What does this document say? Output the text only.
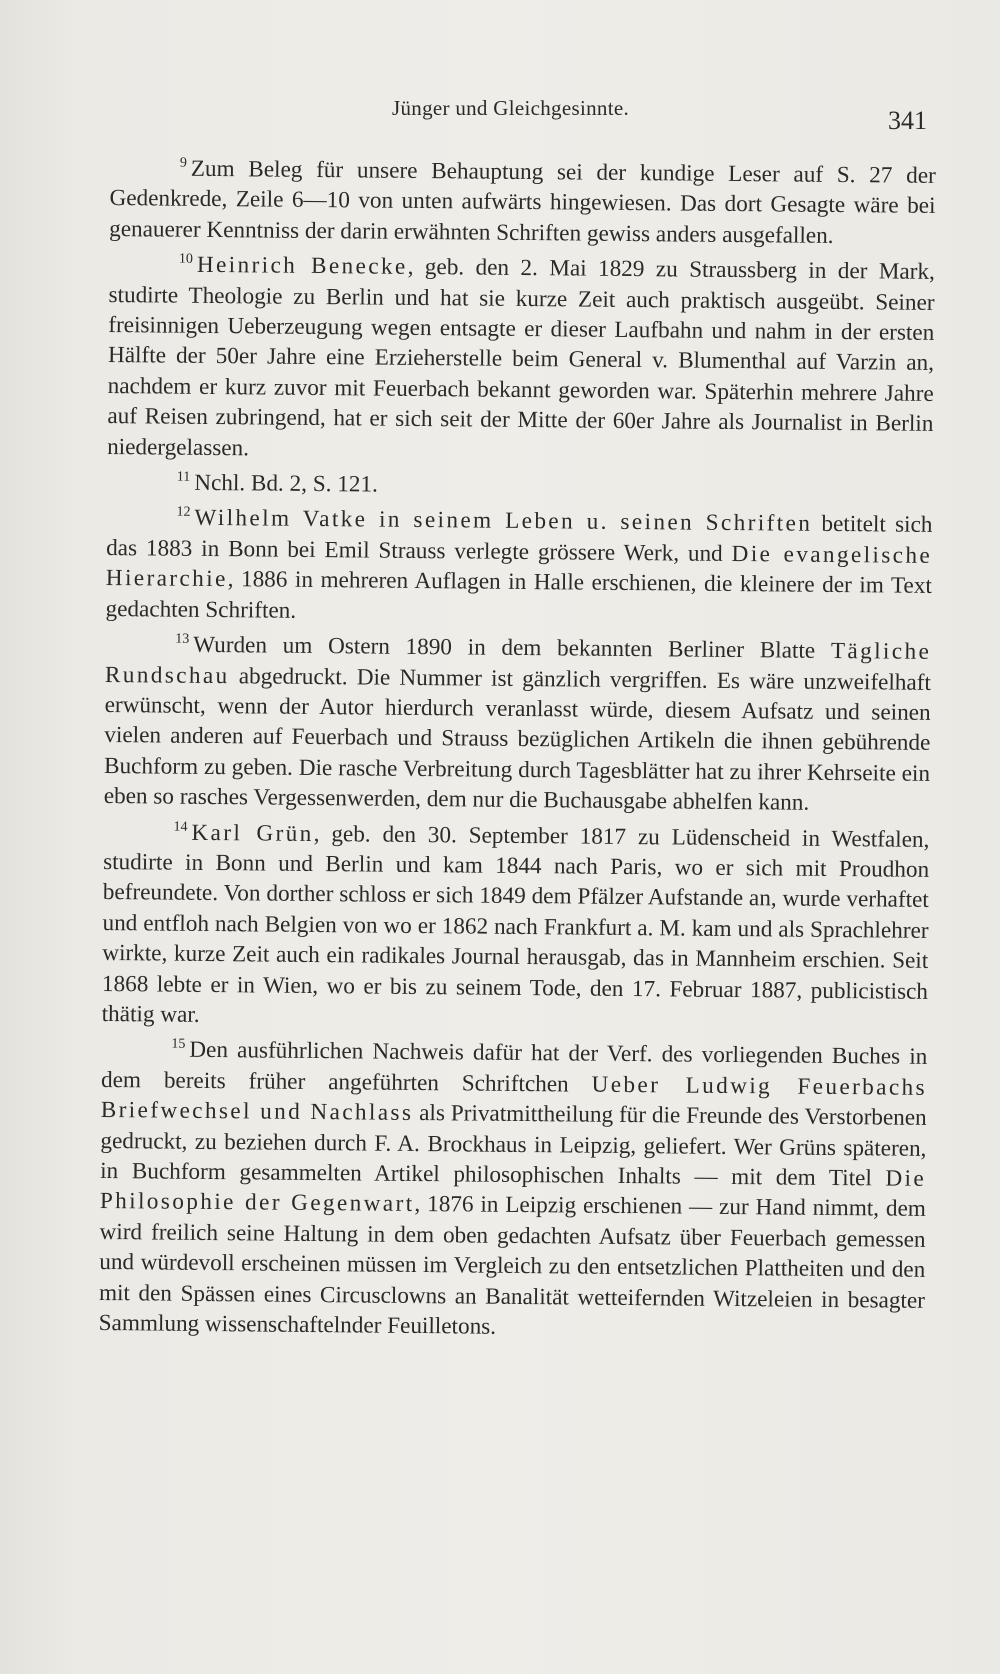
Jünger und Gleichgesinnte.	341

$^9$ Zum Beleg für unsere Behauptung sei der kundige Leser auf S. 27 der Gedenkrede, Zeile 6—10 von unten aufwärts hingewiesen. Das dort Gesagte wäre bei genauerer Kenntniss der darin erwähnten Schriften gewiss anders ausgefallen.

$^{10}$ Heinrich Benecke, geb. den 2. Mai 1829 zu Straussberg in der Mark, studirte Theologie zu Berlin und hat sie kurze Zeit auch praktisch ausgeübt. Seiner freisinnigen Ueberzeugung wegen entsagte er dieser Laufbahn und nahm in der ersten Hälfte der 50er Jahre eine Erzieherstelle beim General v. Blumenthal auf Varzin an, nachdem er kurz zuvor mit Feuerbach bekannt geworden war. Späterhin mehrere Jahre auf Reisen zubringend, hat er sich seit der Mitte der 60er Jahre als Journalist in Berlin niedergelassen.

$^{11}$ Nchl. Bd. 2, S. 121.

$^{12}$ Wilhelm Vatke in seinem Leben u. seinen Schriften betitelt sich das 1883 in Bonn bei Emil Strauss verlegte grössere Werk, und Die evangelische Hierarchie, 1886 in mehreren Auflagen in Halle erschienen, die kleinere der im Text gedachten Schriften.

$^{13}$ Wurden um Ostern 1890 in dem bekannten Berliner Blatte Tägliche Rundschau abgedruckt. Die Nummer ist gänzlich vergriffen. Es wäre unzweifelhaft erwünscht, wenn der Autor hierdurch veranlasst würde, diesem Aufsatz und seinen vielen anderen auf Feuerbach und Strauss bezüglichen Artikeln die ihnen gebührende Buchform zu geben. Die rasche Verbreitung durch Tagesblätter hat zu ihrer Kehrseite ein eben so rasches Vergessenwerden, dem nur die Buchausgabe abhelfen kann.

$^{14}$ Karl Grün, geb. den 30. September 1817 zu Lüdenscheid in Westfalen, studirte in Bonn und Berlin und kam 1844 nach Paris, wo er sich mit Proudhon befreundete. Von dorther schloss er sich 1849 dem Pfälzer Aufstande an, wurde verhaftet und entfloh nach Belgien von wo er 1862 nach Frankfurt a. M. kam und als Sprachlehrer wirkte, kurze Zeit auch ein radikales Journal herausgab, das in Mannheim erschien. Seit 1868 lebte er in Wien, wo er bis zu seinem Tode, den 17. Februar 1887, publicistisch thätig war.

$^{15}$ Den ausführlichen Nachweis dafür hat der Verf. des vorliegenden Buches in dem bereits früher angeführten Schriftchen Ueber Ludwig Feuerbachs Briefwechsel und Nachlass als Privatmittheilung für die Freunde des Verstorbenen gedruckt, zu beziehen durch F. A. Brockhaus in Leipzig, geliefert. Wer Grüns späteren, in Buchform gesammelten Artikel philosophischen Inhalts — mit dem Titel Die Philosophie der Gegenwart, 1876 in Leipzig erschienen — zur Hand nimmt, dem wird freilich seine Haltung in dem oben gedachten Aufsatz über Feuerbach gemessen und würdevoll erscheinen müssen im Vergleich zu den entsetzlichen Plattheiten und den mit den Spässen eines Circusclowns an Banalität wetteifernden Witzeleien in besagter Sammlung wissenschaftelnder Feuilletons.
